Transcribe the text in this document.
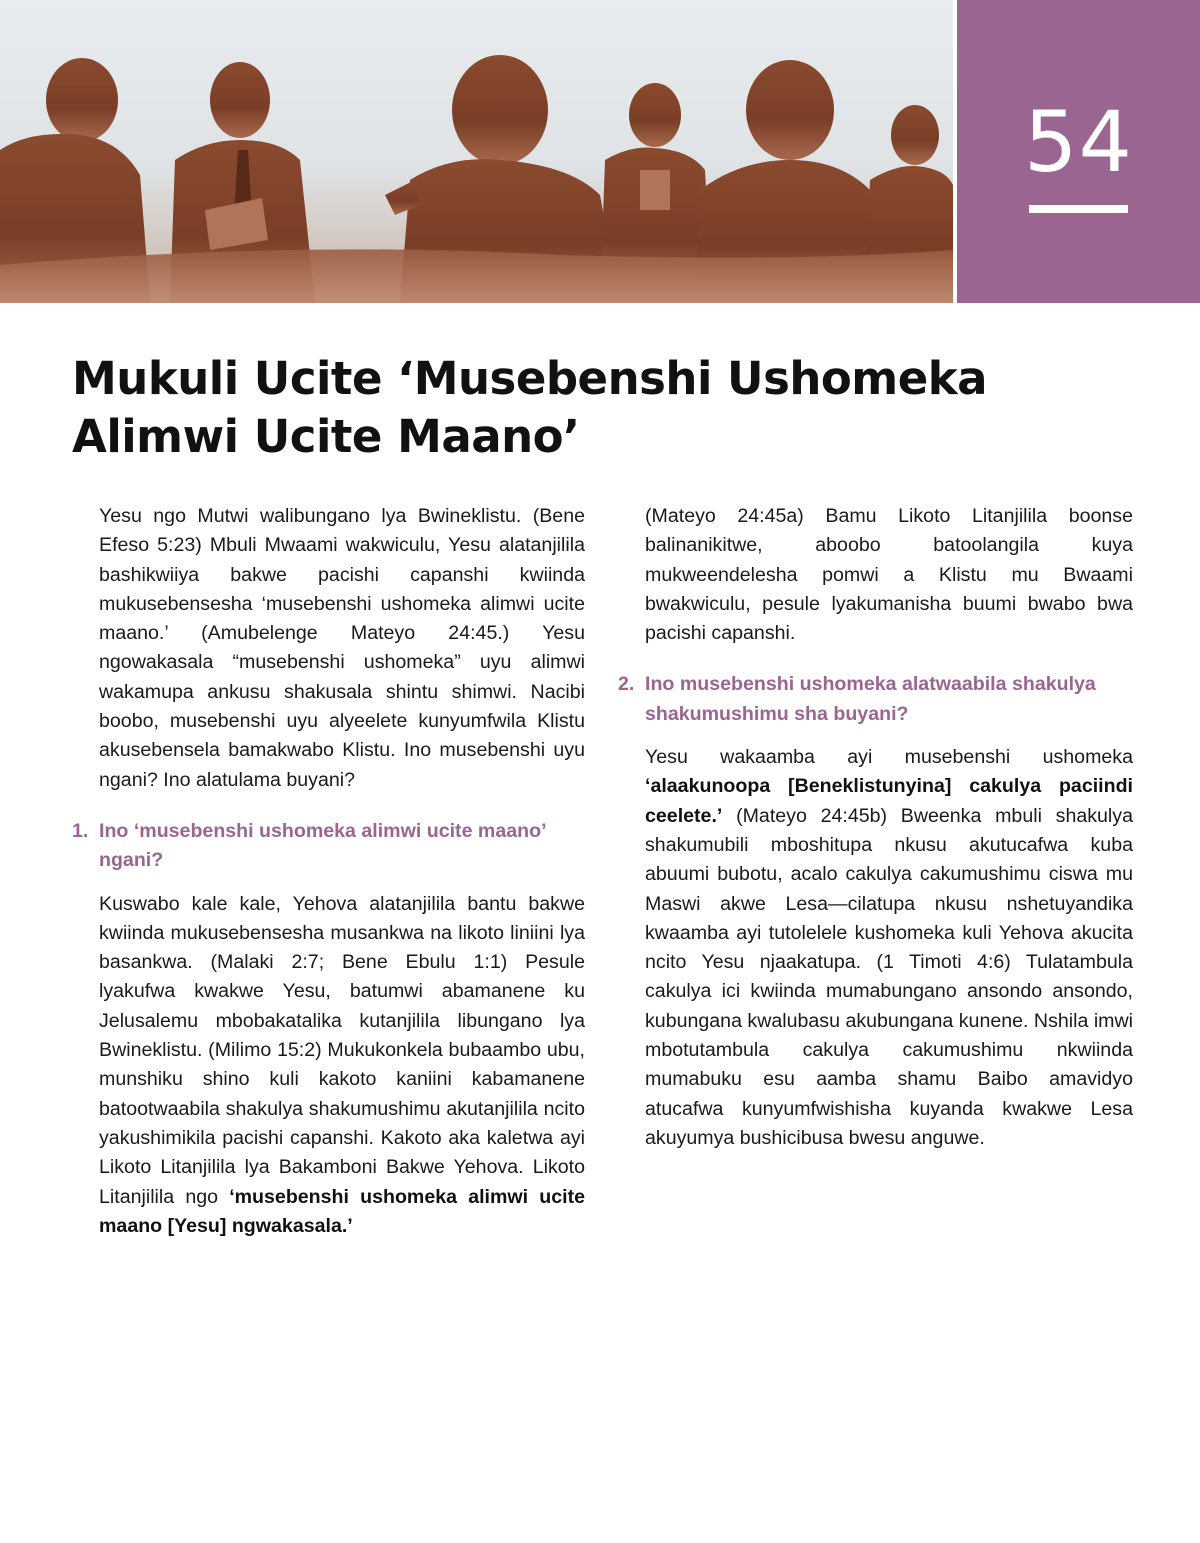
54
Mukuli Ucite ‘Musebenshi Ushomeka Alimwi Ucite Maano’

Yesu ngo Mutwi walibungano lya Bwineklistu. (Bene Efeso 5:23) Mbuli Mwaami wakwiculu, Yesu alatanjilila bashikwiiya bakwe pacishi capanshi kwiinda mukusebensesha ‘musebenshi ushomeka alimwi ucite maano.’ (Amubelenge Mateyo 24:45.) Yesu ngowakasala “musebenshi ushomeka” uyu alimwi wakamupa ankusu shakusala shintu shimwi. Nacibi boobo, musebenshi uyu alyeelete kunyumfwila Klistu akusebensela bamakwabo Klistu. Ino musebenshi uyu ngani? Ino alatulama buyani?

1. Ino ‘musebenshi ushomeka alimwi ucite maano’ ngani?

Kuswabo kale kale, Yehova alatanjilila bantu bakwe kwiinda mukusebensesha musankwa na likoto liniini lya basankwa. (Malaki 2:7; Bene Ebulu 1:1) Pesule lyakufwa kwakwe Yesu, batumwi abamanene ku Jelusalemu mbobakatalika kutanjilila libungano lya Bwineklistu. (Milimo 15:2) Mukukonkela bubaambo ubu, munshiku shino kuli kakoto kaniini kabamanene batootwaabila shakulya shakumushimu akutanjilila ncito yakushimikila pacishi capanshi. Kakoto aka kaletwa ayi Likoto Litanjilila lya Bakamboni Bakwe Yehova. Likoto Litanjilila ngo ‘musebenshi ushomeka alimwi ucite maano [Yesu] ngwakasala.’

(Mateyo 24:45a) Bamu Likoto Litanjilila boonse balinanikitwe, aboobo batoolangila kuya mukweendelesha pomwi a Klistu mu Bwaami bwakwiculu, pesule lyakumanisha buumi bwabo bwa pacishi capanshi.

2. Ino musebenshi ushomeka alatwaabila shakulya shakumushimu sha buyani?

Yesu wakaamba ayi musebenshi ushomeka ‘alaakunoopa [Beneklistunyina] cakulya paciindi ceelete.’ (Mateyo 24:45b) Bweenka mbuli shakulya shakumubili mboshitupa nkusu akutucafwa kuba abuumi bubotu, acalo cakulya cakumushimu ciswa mu Maswi akwe Lesa—cilatupa nkusu nshetuyandika kwaamba ayi tutolelele kushomeka kuli Yehova akucita ncito Yesu njaakatupa. (1 Timoti 4:6) Tulatambula cakulya ici kwiinda mumabungano ansondo ansondo, kubungana kwalubasu akubungana kunene. Nshila imwi mbotutambula cakulya cakumushimu nkwiinda mumabuku esu aamba shamu Baibo amavidyo atucafwa kunyumfwishisha kuyanda kwakwe Lesa akuyumya bushicibusa bwesu anguwe.
